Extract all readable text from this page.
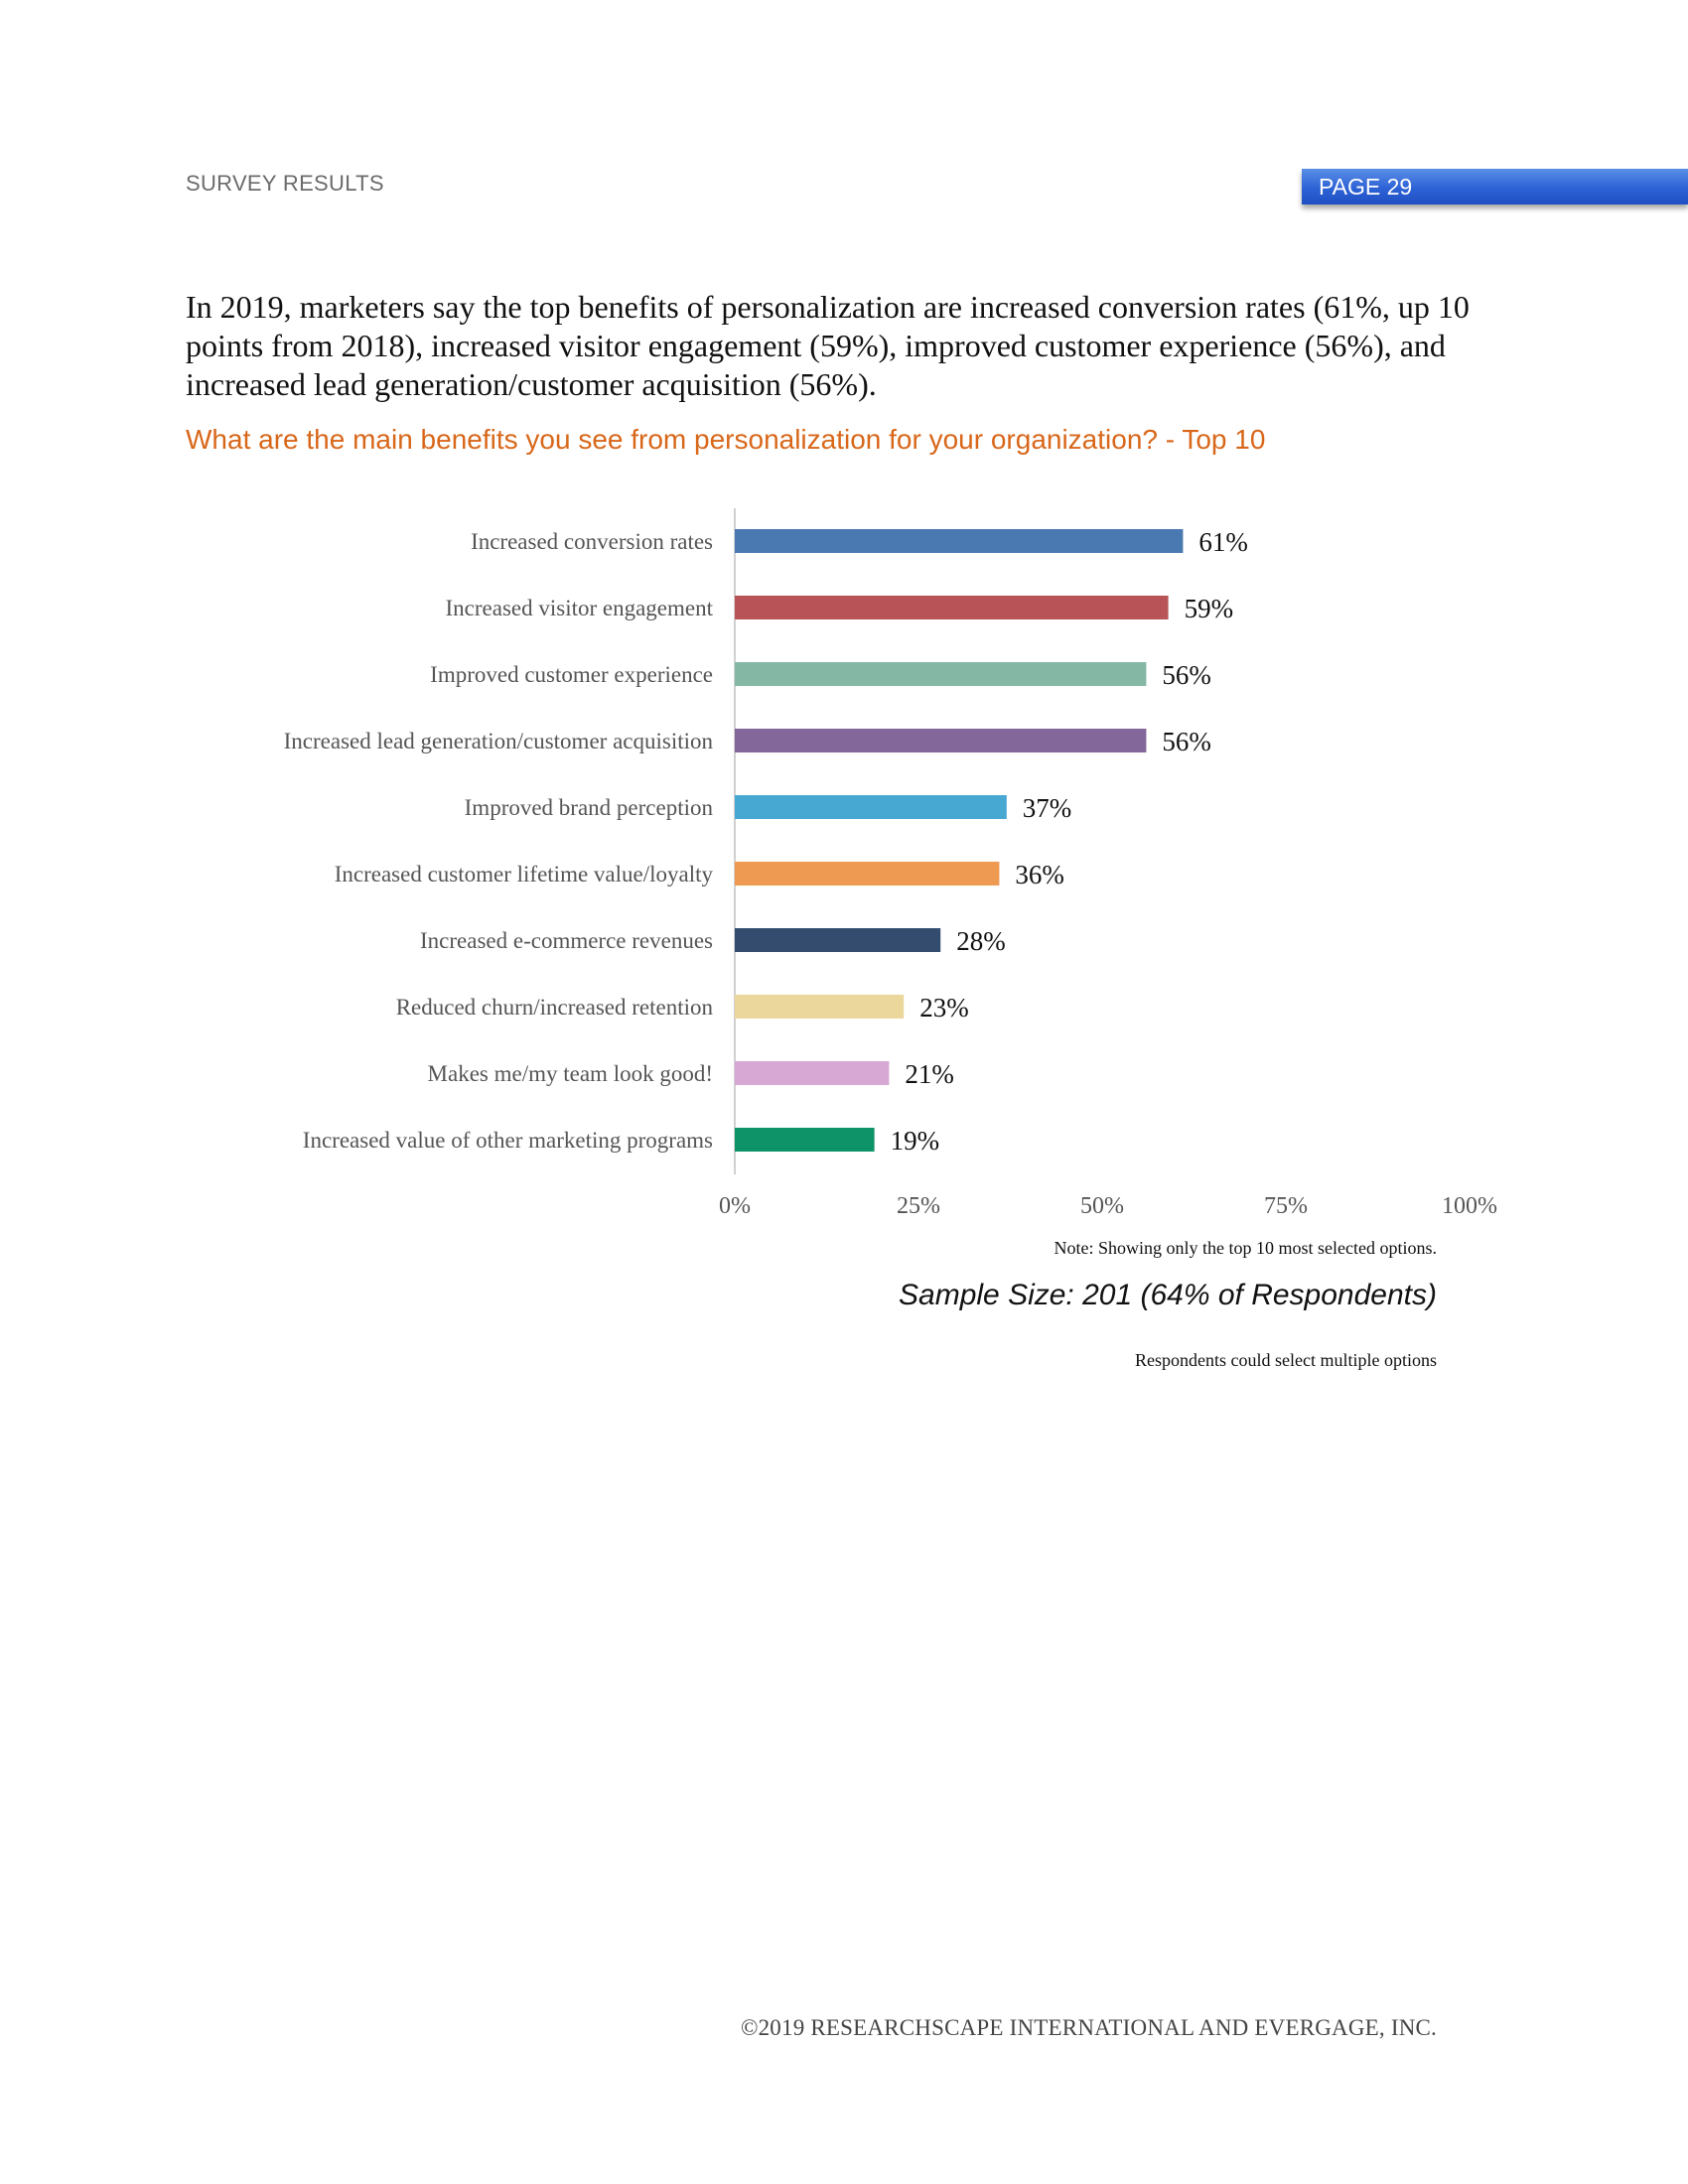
SURVEY RESULTS	PAGE 29

In 2019, marketers say the top benefits of personalization are increased conversion rates (61%, up 10 points from 2018), increased visitor engagement (59%), improved customer experience (56%), and increased lead generation/customer acquisition (56%).

What are the main benefits you see from personalization for your organization? - Top 10
Increased conversion rates	61%
Increased visitor engagement	59%
Improved customer experience	56%
Increased lead generation/customer acquisition	56%
Improved brand perception	37%
Increased customer lifetime value/loyalty	36%
Increased e-commerce revenues	28%
Reduced churn/increased retention	23%
Makes me/my team look good!	21%
Increased value of other marketing programs	19%
0%	25%	50%	75%	100%
Note: Showing only the top 10 most selected options.
Sample Size: 201 (64% of Respondents)
Respondents could select multiple options
©2019 RESEARCHSCAPE INTERNATIONAL AND EVERGAGE, INC.
